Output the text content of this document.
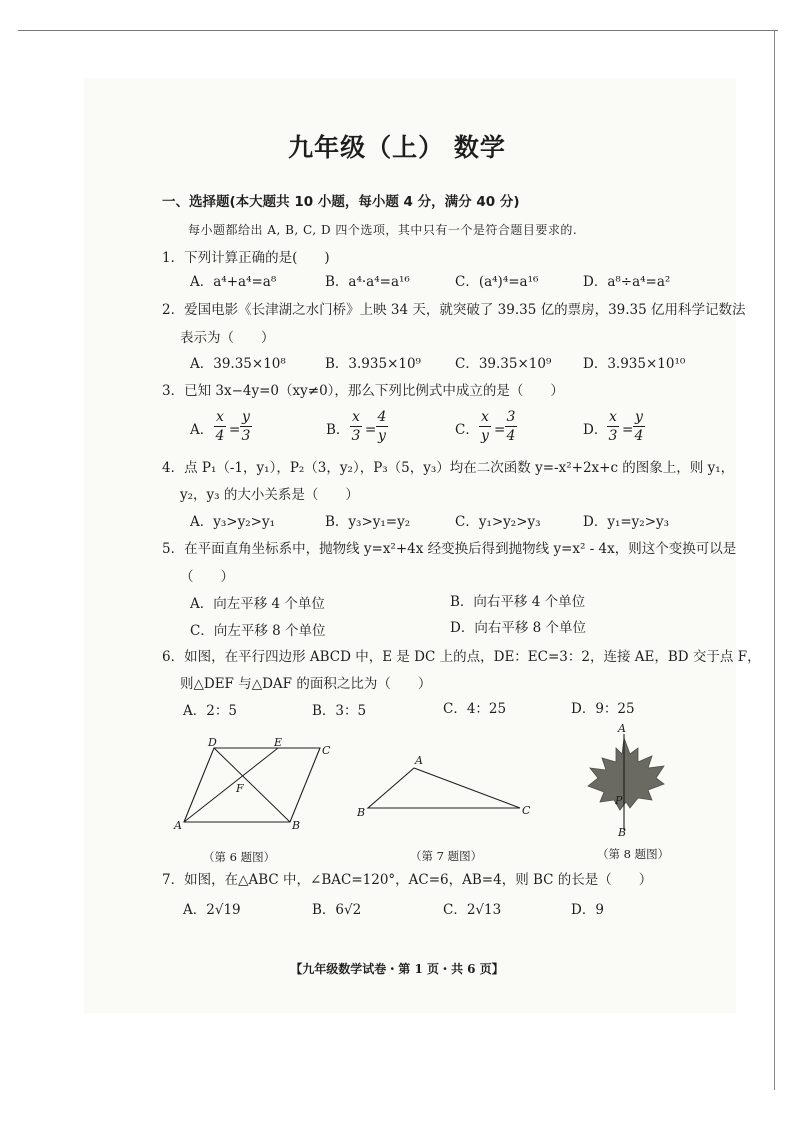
九年级（上） 数学
一、选择题(本大题共 10 小题，每小题 4 分，满分 40 分)
每小题都给出 A, B, C, D 四个选项，其中只有一个是符合题目要求的.
1．下列计算正确的是(　　)
A．a⁴+a⁴=a⁸	B．a⁴·a⁴=a¹⁶	C．(a⁴)⁴=a¹⁶	D．a⁸÷a⁴=a²
2．爱国电影《长津湖之水门桥》上映 34 天，就突破了 39.35 亿的票房，39.35 亿用科学记数法
表示为（　　）
A．39.35×10⁸	B．3.935×10⁹	C．39.35×10⁹ D．3.935×10¹⁰
3．已知 3x−4y=0（xy≠0），那么下列比例式中成立的是（　　）
A．
x
4 =
y
3	B．
x
3 =
4
y	C．
x
y =
3
4	D．
x
3 =
y
4
4．点 P₁（-1，y₁），P₂（3，y₂），P₃（5，y₃）均在二次函数 y=-x²+2x+c 的图象上，则 y₁，
y₂，y₃ 的大小关系是（　　）
A．y₃>y₂>y₁	B．y₃>y₁=y₂	C．y₁>y₂>y₃	D．y₁=y₂>y₃
5．在平面直角坐标系中，抛物线 y=x²+4x 经变换后得到抛物线 y=x² - 4x，则这个变换可以是
（　　）
A．向左平移 4 个单位	B．向右平移 4 个单位
C．向左平移 8 个单位	D．向右平移 8 个单位
6．如图，在平行四边形 ABCD 中，E 是 DC 上的点，DE：EC=3：2，连接 AE，BD 交于点 F，
则△DEF 与△DAF 的面积之比为（　　）
A．2：5	B．3：5	C．4：25	D．9：25
D	E
C
F
A	B
（第 6 题图）
A
B	C
（第 7 题图）
A
P
B
（第 8 题图）
7．如图，在△ABC 中，∠BAC=120°，AC=6，AB=4，则 BC 的长是（　　）
A．2√19	B．6√2	C．2√13	D．9
【九年级数学试卷・第 1 页・共 6 页】
